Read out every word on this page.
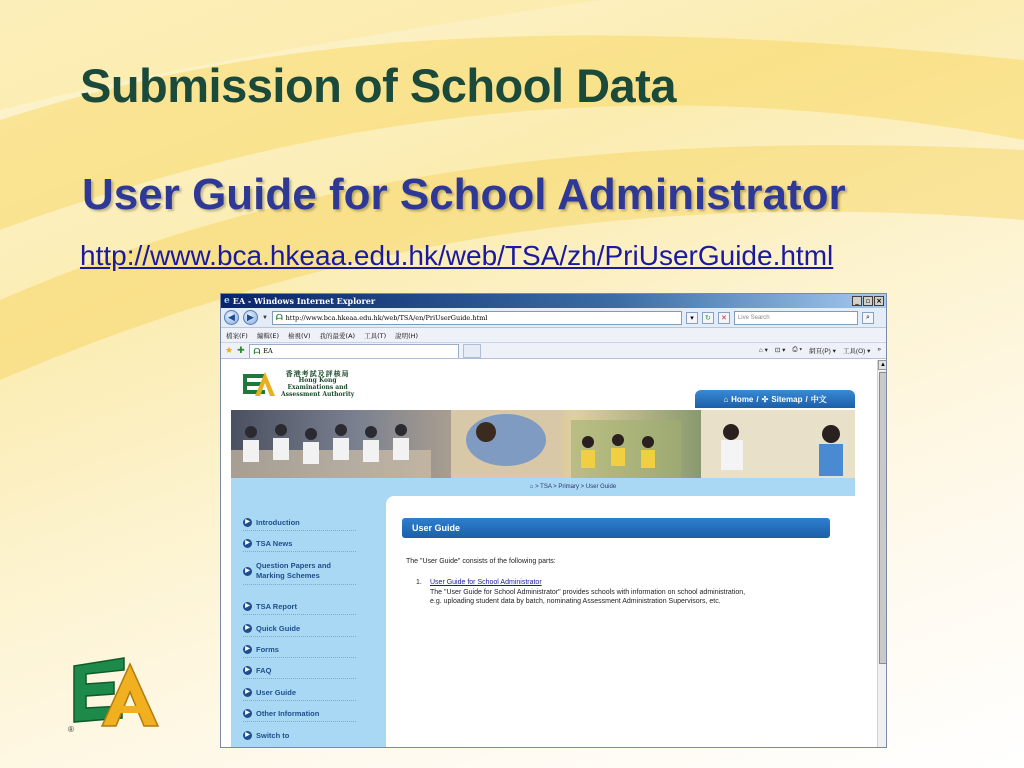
Submission of School Data
User Guide for School Administrator
http://www.bca.hkeaa.edu.hk/web/TSA/zh/PriUserGuide.html
e EA - Windows Internet Explorer	_ ▫ ×
◀	▶	▼ ᗩ http://www.bca.hkeaa.edu.hk/web/TSA/en/PriUserGuide.html	▾	↻	✕	Live Search	⌕
檔案(F) 編輯(E) 檢視(V) 我的最愛(A) 工具(T) 說明(H)
★ ✚ ᗩ EA	⌂ ▾ ⊡ ▾ ⎙ ▾ 網頁(P) ▾ 工具(O) ▾ »
香港考試及評核局
Hong Kong
Examinations and
Assessment Authority	⌂ Home / ✣ Sitemap / 中文
⌂
> TSA > Primary > User Guide
▶ Introduction
▶ TSA News
▶
Question Papers and Marking Schemes
▶ TSA Report
▶ Quick Guide
▶ Forms
▶ FAQ
▶ User Guide
▶ Other Information
▶ Switch to
User Guide
The "User Guide" consists of the following parts:
1. User Guide for School Administrator
The "User Guide for School Administrator" provides schools with information on school administration,
e.g. uploading student data by batch, nominating Assessment Administration Supervisors, etc.
▲
®
